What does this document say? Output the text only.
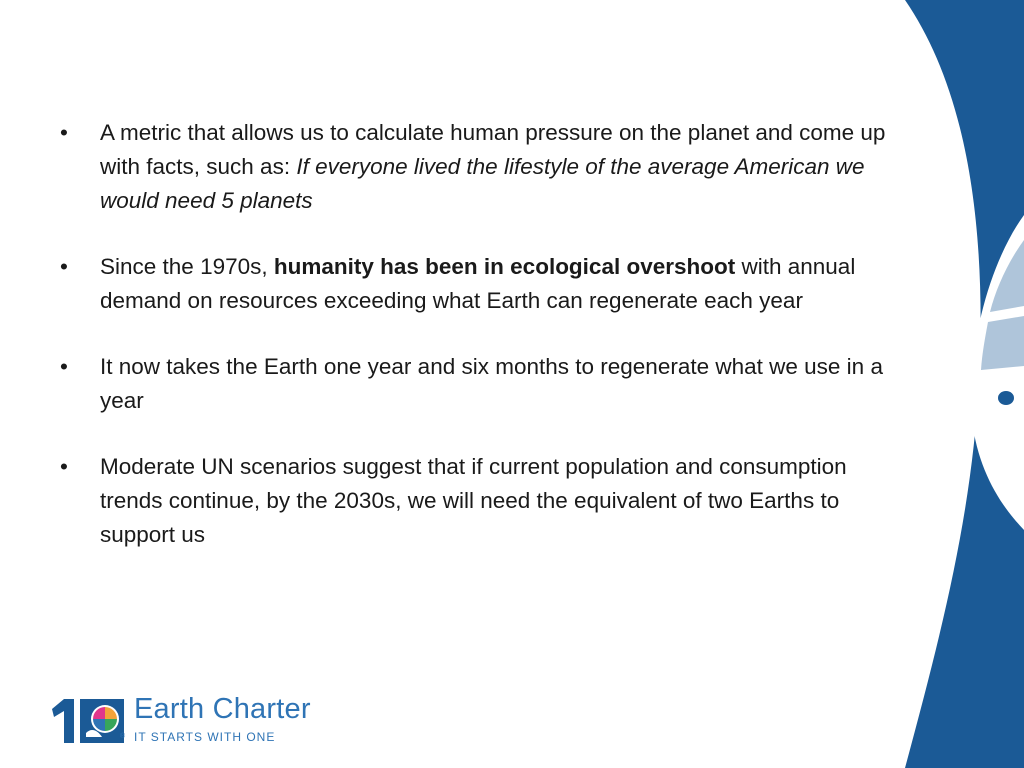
•	A metric that allows us to calculate human pressure on the planet and come up with facts, such as: If everyone lived the lifestyle of the average American we would need 5 planets
•	Since the 1970s, humanity has been in ecological overshoot with annual demand on resources exceeding what Earth can regenerate each year
•	It now takes the Earth one year and six months to regenerate what we use in a year
•	Moderate UN scenarios suggest that if current population and consumption trends continue, by the 2030s, we will need the equivalent of two Earths to support us
®
Earth Charter
IT STARTS WITH ONE
